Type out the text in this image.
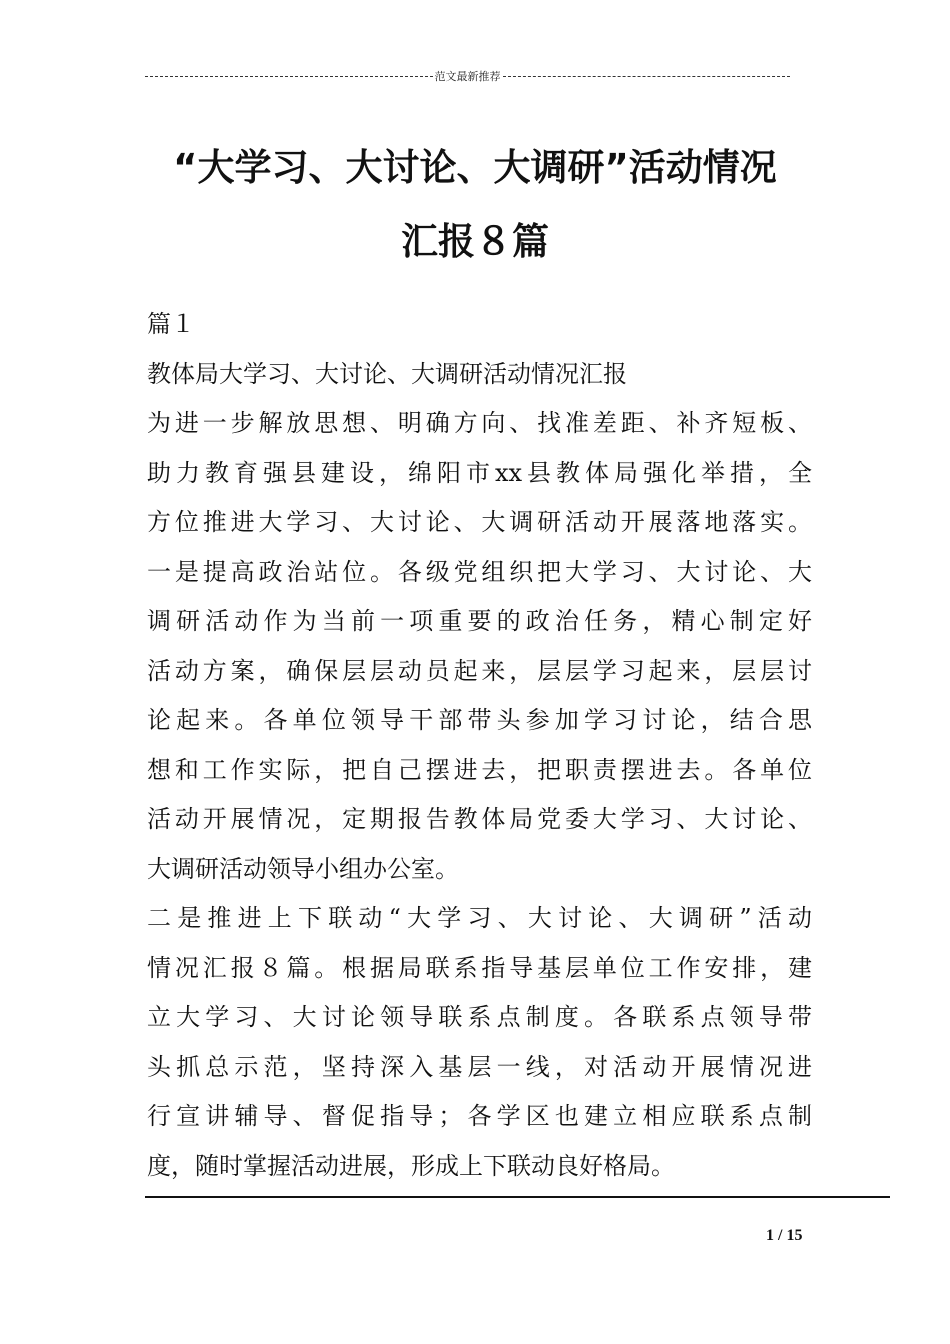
范文最新推荐
“大学习、大讨论、大调研”活动情况
汇报８篇
篇１
教体局大学习、大讨论、大调研活动情况汇报
为进一步解放思想、明确方向、找准差距、补齐短板、
助力教育强县建设，绵阳市xx县教体局强化举措，全
方位推进大学习、大讨论、大调研活动开展落地落实。
一是提高政治站位。各级党组织把大学习、大讨论、大
调研活动作为当前一项重要的政治任务，精心制定好
活动方案，确保层层动员起来，层层学习起来，层层讨
论起来。各单位领导干部带头参加学习讨论，结合思
想和工作实际，把自己摆进去，把职责摆进去。各单位
活动开展情况，定期报告教体局党委大学习、大讨论、
大调研活动领导小组办公室。
二是推进上下联动“大学习、大讨论、大调研”活动
情况汇报８篇。根据局联系指导基层单位工作安排，建
立大学习、大讨论领导联系点制度。各联系点领导带
头抓总示范，坚持深入基层一线，对活动开展情况进
行宣讲辅导、督促指导；各学区也建立相应联系点制
度，随时掌握活动进展，形成上下联动良好格局。
1 / 15
